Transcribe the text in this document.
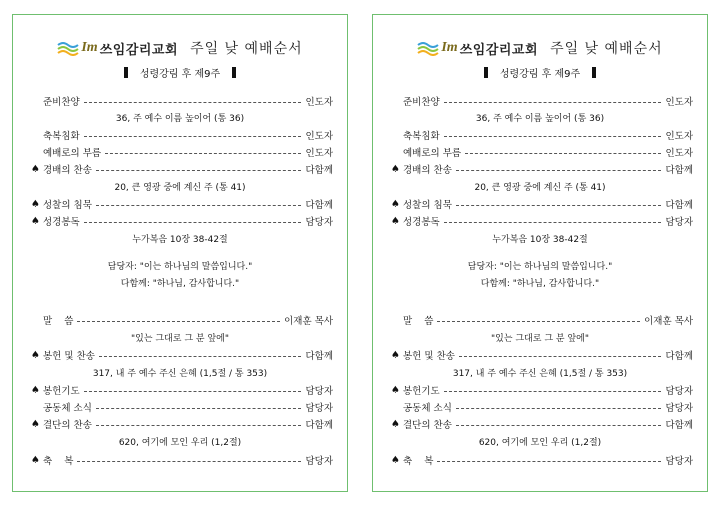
Im 쓰임감리교회 주일 낮 예배순서
성령강림 후 제9주
준비찬양	인도자
36, 주 예수 이름 높이어 (통 36)
축복침화	인도자
예배로의 부름	인도자
♠ 경배의 찬송	다함께
20, 큰 영광 중에 계신 주 (통 41)
♠ 성찰의 침묵	다함께
♠ 성경봉독	담당자
누가복음 10장 38-42절
담당자: "이는 하나님의 말씀입니다."
다함께: "하나님, 감사합니다."
말    씀	이재훈 목사
"있는 그대로 그 분 앞에"
♠ 봉헌 및 찬송	다함께
317, 내 주 예수 주신 은혜 (1,5절 / 통 353)
♠ 봉헌기도	담당자
공동체 소식	담당자
♠ 결단의 찬송	다함께
620, 여기에 모인 우리 (1,2절)
♠ 축    복	담당자
Im 쓰임감리교회 주일 낮 예배순서
성령강림 후 제9주
준비찬양	인도자
36, 주 예수 이름 높이어 (통 36)
축복침화	인도자
예배로의 부름	인도자
♠ 경배의 찬송	다함께
20, 큰 영광 중에 계신 주 (통 41)
♠ 성찰의 침묵	다함께
♠ 성경봉독	담당자
누가복음 10장 38-42절
담당자: "이는 하나님의 말씀입니다."
다함께: "하나님, 감사합니다."
말    씀	이재훈 목사
"있는 그대로 그 분 앞에"
♠ 봉헌 및 찬송	다함께
317, 내 주 예수 주신 은혜 (1,5절 / 통 353)
♠ 봉헌기도	담당자
공동체 소식	담당자
♠ 결단의 찬송	다함께
620, 여기에 모인 우리 (1,2절)
♠ 축    복	담당자
